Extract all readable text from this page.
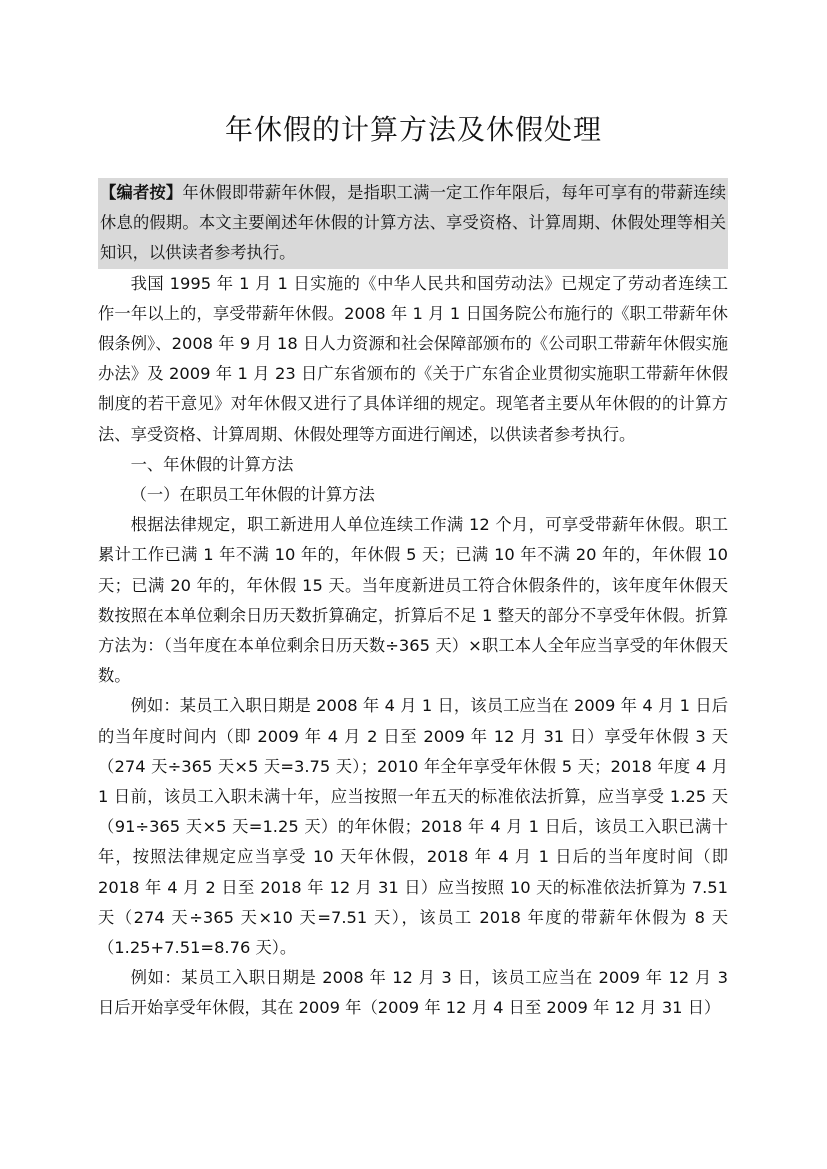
年休假的计算方法及休假处理

【编者按】年休假即带薪年休假，是指职工满一定工作年限后，每年可享有的带薪连续休息的假期。本文主要阐述年休假的计算方法、享受资格、计算周期、休假处理等相关知识，以供读者参考执行。

我国 1995 年 1 月 1 日实施的《中华人民共和国劳动法》已规定了劳动者连续工作一年以上的，享受带薪年休假。2008 年 1 月 1 日国务院公布施行的《职工带薪年休假条例》、2008 年 9 月 18 日人力资源和社会保障部颁布的《公司职工带薪年休假实施办法》及 2009 年 1 月 23 日广东省颁布的《关于广东省企业贯彻实施职工带薪年休假制度的若干意见》对年休假又进行了具体详细的规定。现笔者主要从年休假的的计算方法、享受资格、计算周期、休假处理等方面进行阐述，以供读者参考执行。

一、年休假的计算方法

（一）在职员工年休假的计算方法

根据法律规定，职工新进用人单位连续工作满 12 个月，可享受带薪年休假。职工累计工作已满 1 年不满 10 年的，年休假 5 天；已满 10 年不满 20 年的，年休假 10 天；已满 20 年的，年休假 15 天。当年度新进员工符合休假条件的，该年度年休假天数按照在本单位剩余日历天数折算确定，折算后不足 1 整天的部分不享受年休假。折算方法为：（当年度在本单位剩余日历天数÷365 天）×职工本人全年应当享受的年休假天数。

例如：某员工入职日期是 2008 年 4 月 1 日，该员工应当在 2009 年 4 月 1 日后的当年度时间内（即 2009 年 4 月 2 日至 2009 年 12 月 31 日）享受年休假 3 天（274 天÷365 天×5 天=3.75 天）；2010 年全年享受年休假 5 天；2018 年度 4 月 1 日前，该员工入职未满十年，应当按照一年五天的标准依法折算，应当享受 1.25 天（91÷365 天×5 天=1.25 天）的年休假；2018 年 4 月 1 日后，该员工入职已满十年，按照法律规定应当享受 10 天年休假，2018 年 4 月 1 日后的当年度时间（即 2018 年 4 月 2 日至 2018 年 12 月 31 日）应当按照 10 天的标准依法折算为 7.51 天（274 天÷365 天×10 天=7.51 天），该员工 2018 年度的带薪年休假为 8 天（1.25+7.51=8.76 天）。

例如：某员工入职日期是 2008 年 12 月 3 日，该员工应当在 2009 年 12 月 3 日后开始享受年休假，其在 2009 年（2009 年 12 月 4 日至 2009 年 12 月 31 日）
